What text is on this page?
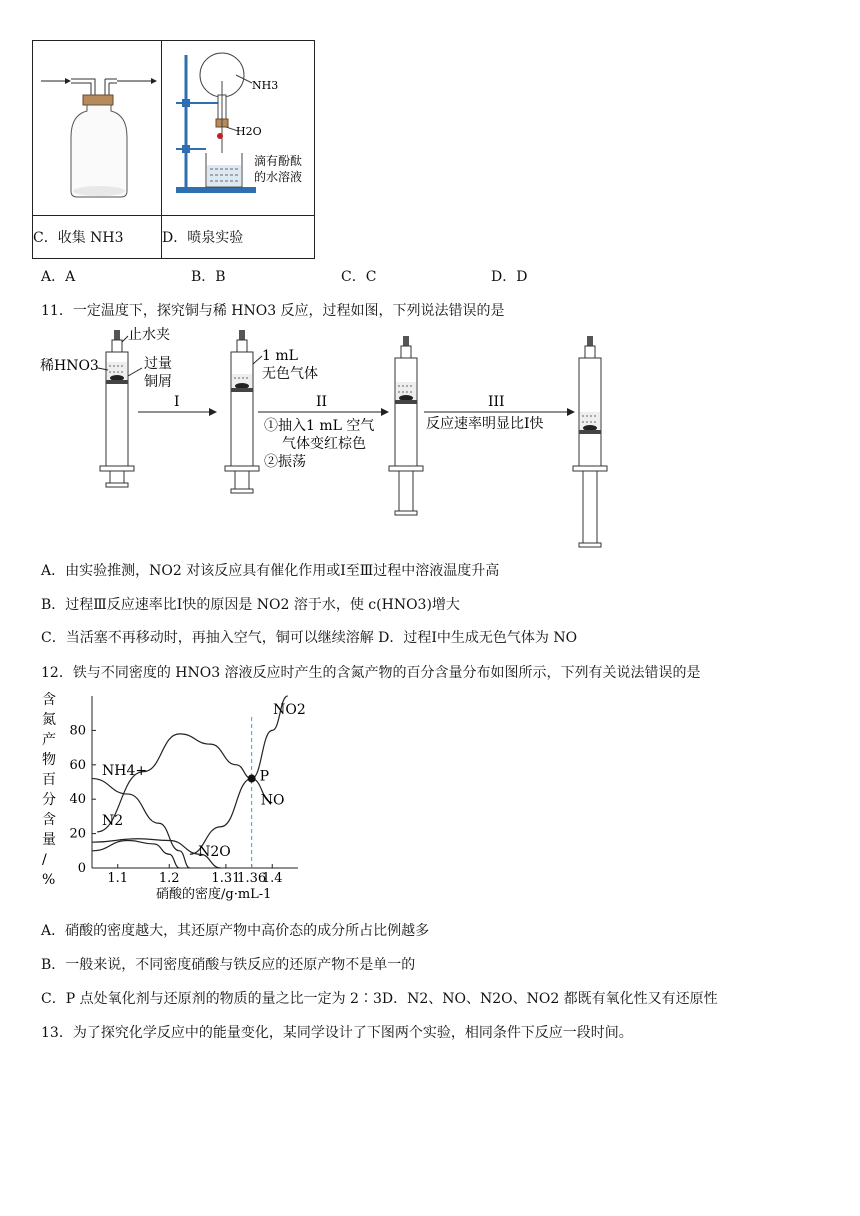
NH3
H2O
滴有酚酞
的水溶液

C．收集 NH3	D．喷泉实验
A．A	B．B	C．C	D．D
11．一定温度下，探究铜与稀 HNO3 反应，过程如图，下列说法错误的是
止水夹
稀HNO3	过量
铜屑
I
1 mL
无色气体
II
①抽入1 mL 空气
气体变红棕色
②振荡
III
反应速率明显比I快
A．由实验推测，NO2 对该反应具有催化作用或Ⅰ至Ⅲ过程中溶液温度升高
B．过程Ⅲ反应速率比Ⅰ快的原因是 NO2 溶于水，使 c(HNO3)增大
C．当活塞不再移动时，再抽入空气，铜可以继续溶解 D．过程Ⅰ中生成无色气体为 NO
12．铁与不同密度的 HNO3 溶液反应时产生的含氮产物的百分含量分布如图所示，下列有关说法错误的是
含
氮
产
物
百
分
含
量
/
%
硝酸的密度/g·mL-1
0
20
40
60
80
1.1 1.2 1.31
1.36
1.4
NO2
NO
NH4+
N2
N2O
P
A．硝酸的密度越大，其还原产物中高价态的成分所占比例越多
B．一般来说，不同密度硝酸与铁反应的还原产物不是单一的
C．P 点处氧化剂与还原剂的物质的量之比一定为 2∶3D．N2、NO、N2O、NO2 都既有氧化性又有还原性
13．为了探究化学反应中的能量变化，某同学设计了下图两个实验，相同条件下反应一段时间。
